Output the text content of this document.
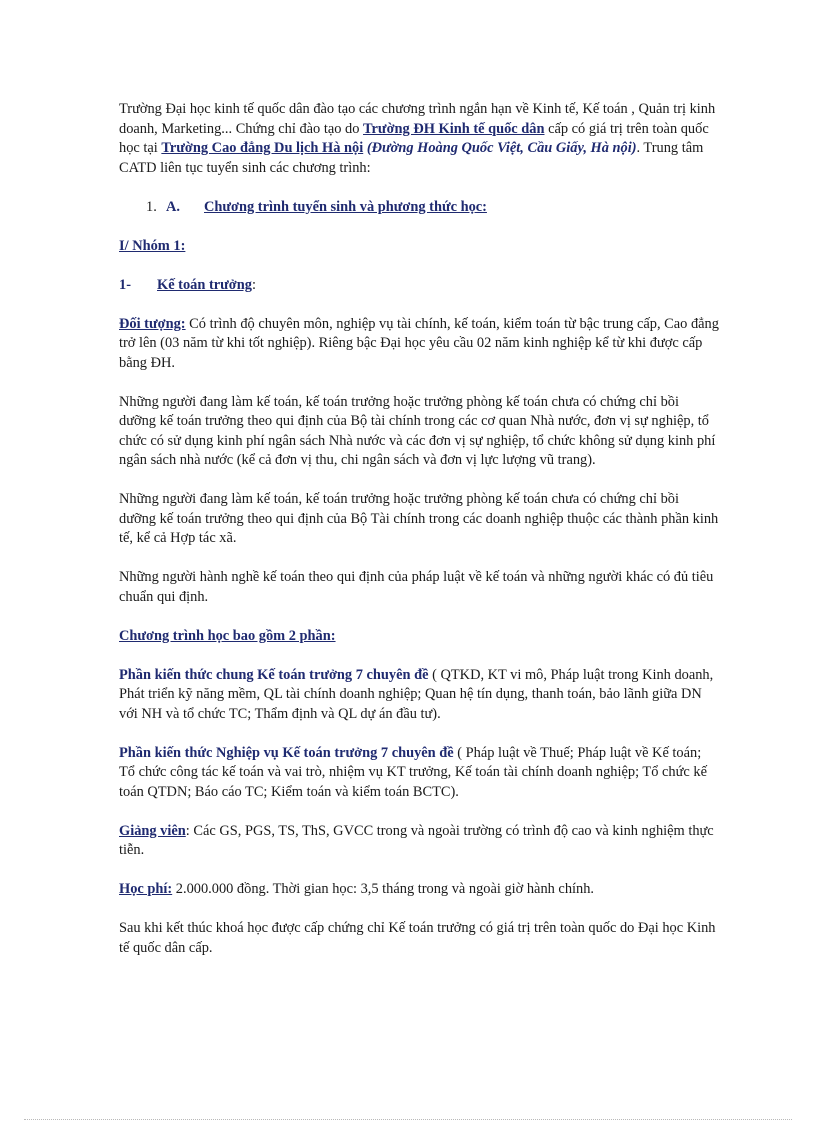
Trường Đại học kinh tế quốc dân đào tạo các chương trình ngắn hạn về Kinh tế, Kế toán , Quản trị kinh doanh, Marketing... Chứng chỉ đào tạo do Trường ĐH Kinh tế quốc dân cấp có giá trị trên toàn quốc học tại Trường Cao đẳng Du lịch Hà nội (Đường Hoàng Quốc Việt, Cầu Giấy, Hà nội). Trung tâm CATD liên tục tuyển sinh các chương trình:

1. A. Chương trình tuyển sinh và phương thức học:

I/ Nhóm 1:

1- Kế toán trưởng:

Đối tượng: Có trình độ chuyên môn, nghiệp vụ tài chính, kế toán, kiểm toán từ bậc trung cấp, Cao đẳng trở lên (03 năm từ khi tốt nghiệp). Riêng bậc Đại học yêu cầu 02 năm kinh nghiệp kể từ khi được cấp bằng ĐH.

Những người đang làm kế toán, kế toán trưởng hoặc trưởng phòng kế toán chưa có chứng chỉ bồi dưỡng kế toán trưởng theo qui định của Bộ tài chính trong các cơ quan Nhà nước, đơn vị sự nghiệp, tổ chức có sử dụng kinh phí ngân sách Nhà nước và các đơn vị sự nghiệp, tổ chức không sử dụng kinh phí ngân sách nhà nước (kể cả đơn vị thu, chi ngân sách và đơn vị lực lượng vũ trang).

Những người đang làm kế toán, kế toán trưởng hoặc trưởng phòng kế toán chưa có chứng chỉ bồi dưỡng kế toán trưởng theo qui định của Bộ Tài chính trong các doanh nghiệp thuộc các thành phần kinh tế, kể cả Hợp tác xã.

Những người hành nghề kế toán theo qui định của pháp luật về kế toán và những người khác có đủ tiêu chuẩn qui định.

Chương trình học bao gồm 2 phần:

Phần kiến thức chung Kế toán trưởng 7 chuyên đề ( QTKD, KT vi mô, Pháp luật trong Kinh doanh, Phát triển kỹ năng mềm, QL tài chính doanh nghiệp; Quan hệ tín dụng, thanh toán, bảo lãnh giữa DN với NH và tổ chức TC; Thẩm định và QL dự án đầu tư).

Phần kiến thức Nghiệp vụ Kế toán trưởng 7 chuyên đề ( Pháp luật về Thuế; Pháp luật về Kế toán; Tổ chức công tác kế toán và vai trò, nhiệm vụ KT trưởng, Kế toán tài chính doanh nghiệp; Tổ chức kế toán QTDN; Báo cáo TC; Kiểm toán và kiểm toán BCTC).

Giảng viên: Các GS, PGS, TS, ThS, GVCC trong và ngoài trường có trình độ cao và kinh nghiệm thực tiễn.

Học phí: 2.000.000 đồng. Thời gian học: 3,5 tháng trong và ngoài giờ hành chính.

Sau khi kết thúc khoá học được cấp chứng chỉ Kế toán trưởng có giá trị trên toàn quốc do Đại học Kinh tế quốc dân cấp.
